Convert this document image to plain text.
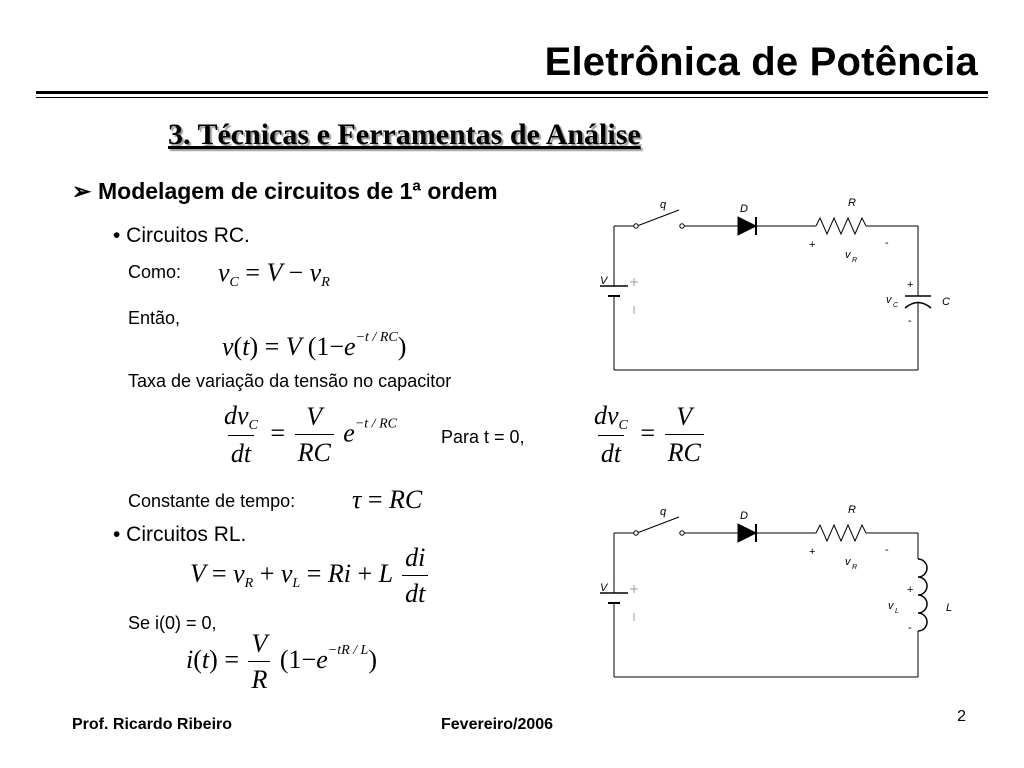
Eletrônica de Potência
3. Técnicas e Ferramentas de Análise
➢ Modelagem de circuitos de 1ª ordem
• Circuitos RC.
Como: $v_C = V - v_R$
Então,
v(t) = V $(1-e^{-t / RC})$
Taxa de variação da tensão no capacitor
$\frac{dv_C}{dt} = \frac{V}{RC} e^{-t / RC}$
Para t = 0,	$\frac{dv_C}{dt} = \frac{V}{RC}$
Constante de tempo: τ = RC
• Circuitos RL.
$V = v_R + v_L = Ri + L \frac{di}{dt}$
Se i(0) = 0,
$i(t) = \frac{V}{R} (1-e^{-tR / L})$
q	D	R
+	-
v R
V	+
v C	C
-
q	D	R
+	-
v R
V	+
v L	L
-
Prof. Ricardo Ribeiro	Fevereiro/2006	2
